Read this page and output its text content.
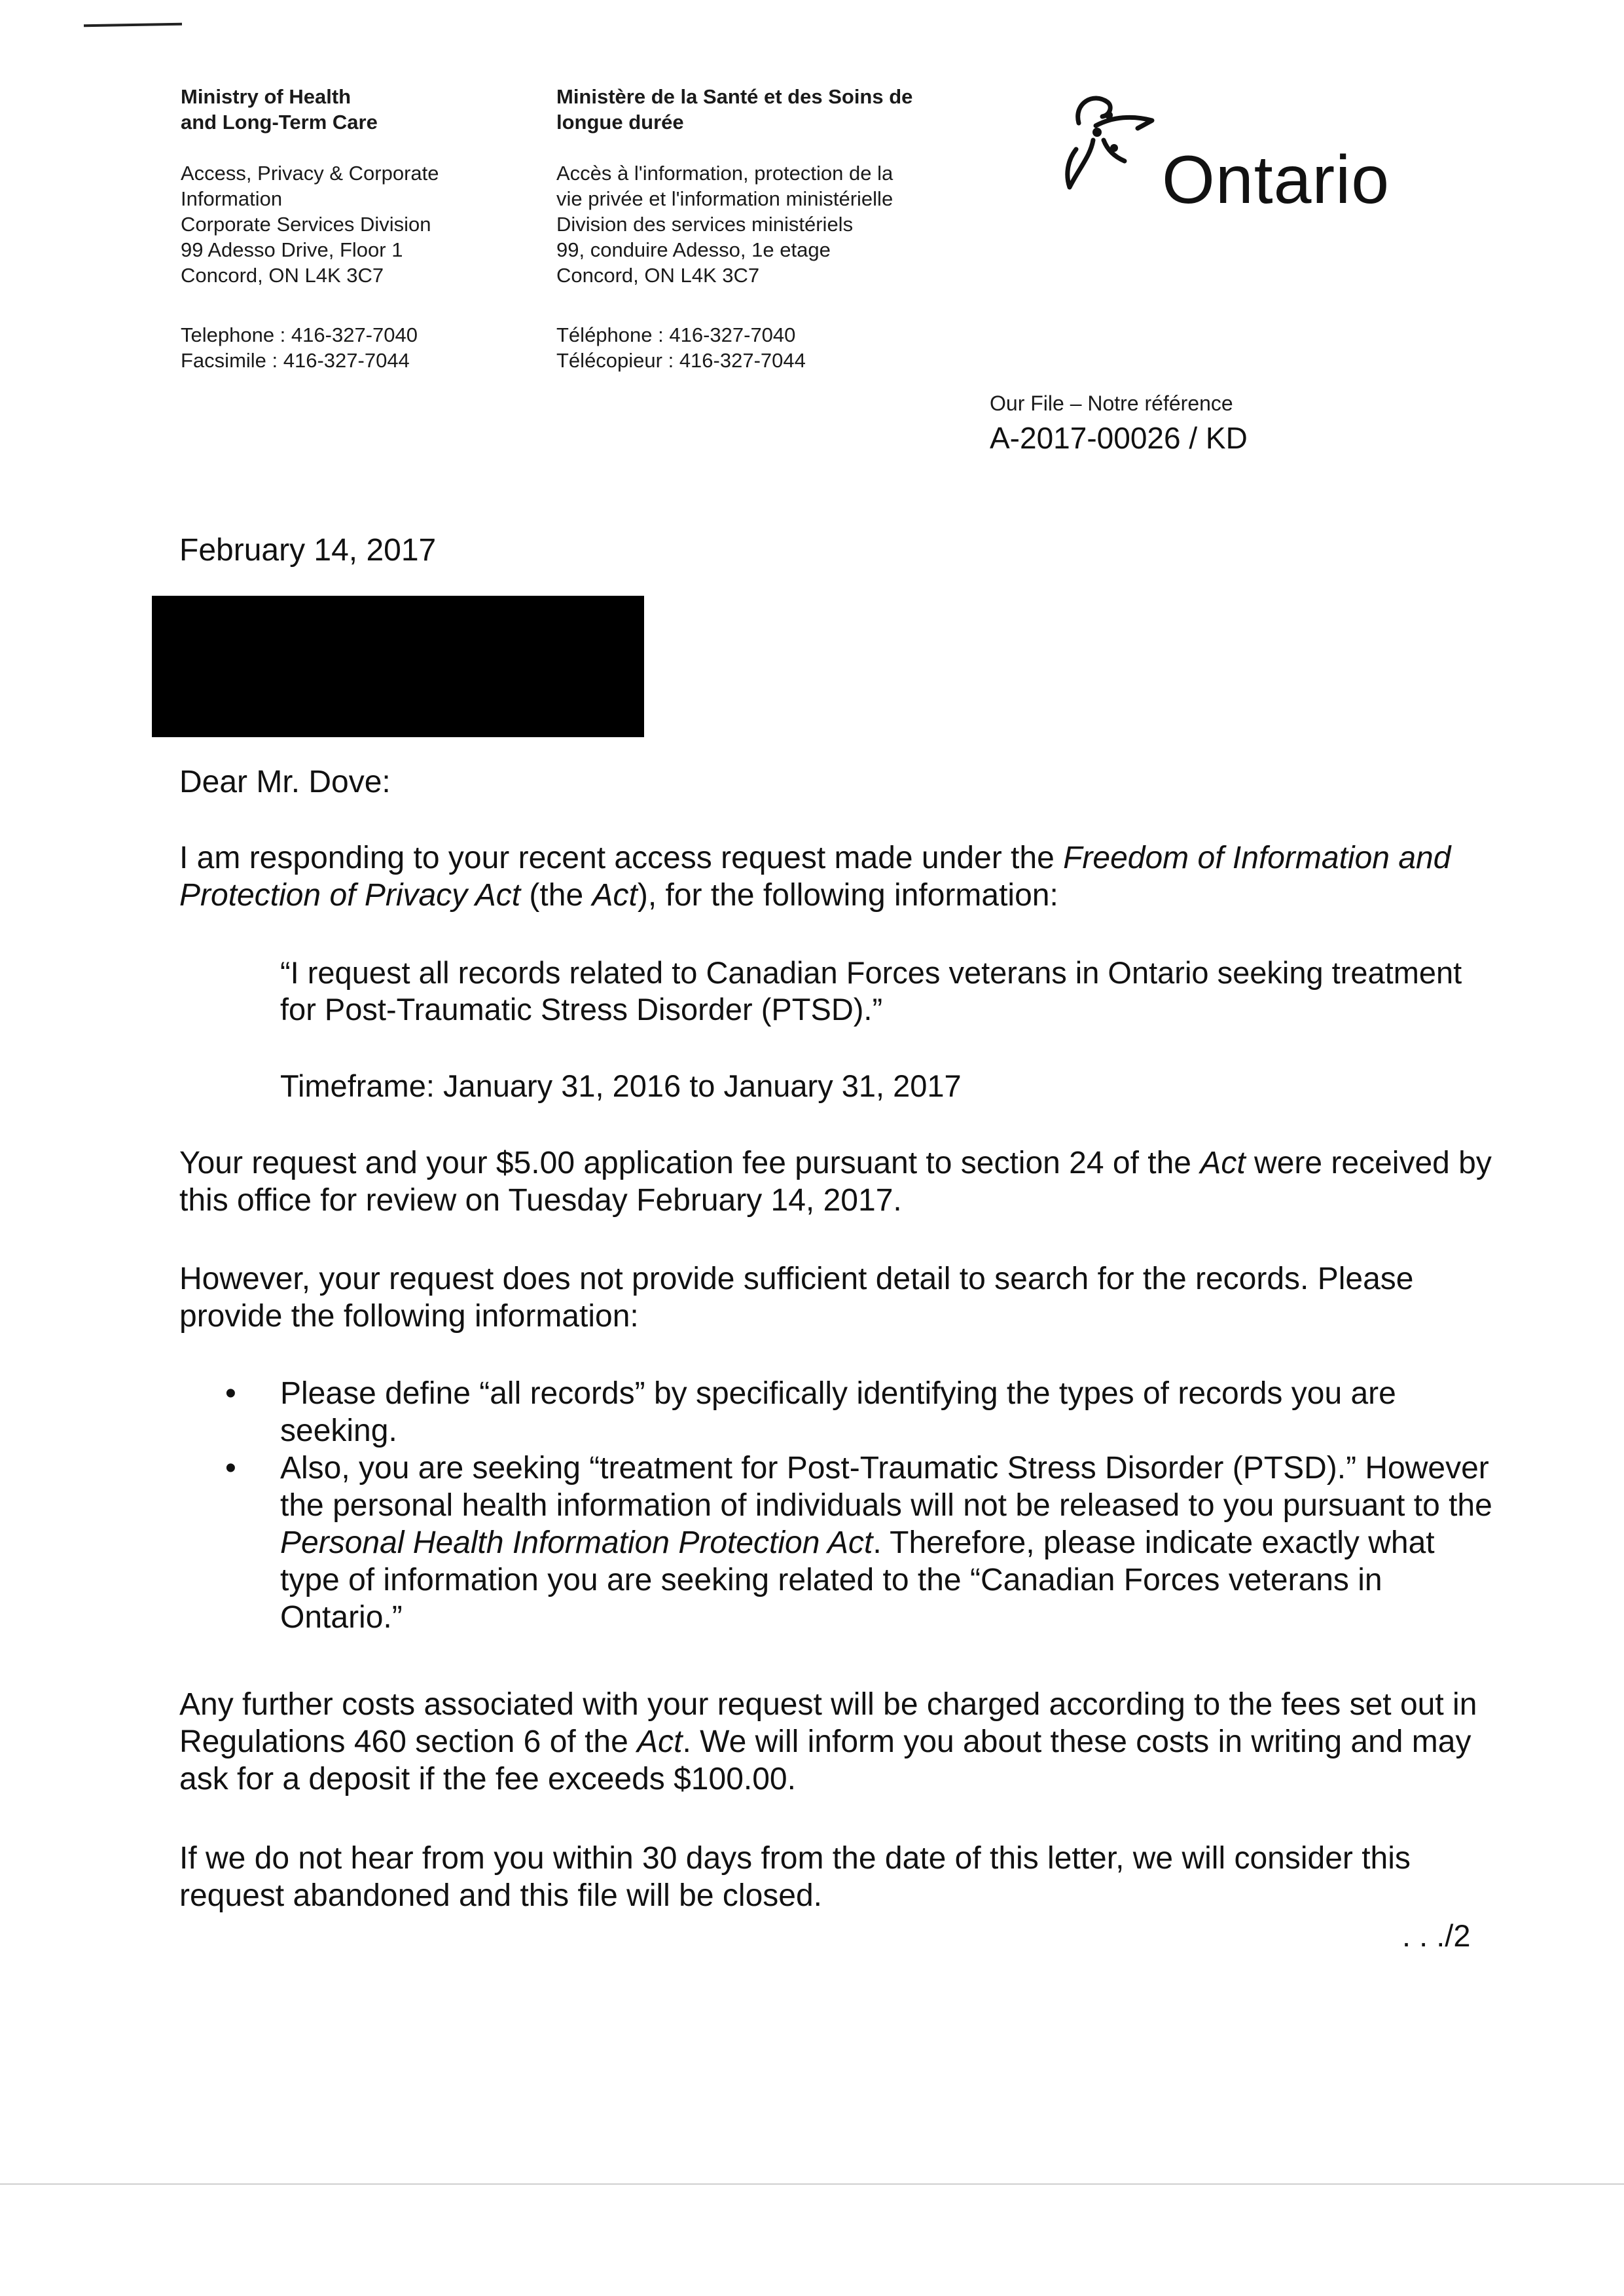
Ministry of Health
and Long-Term Care
Access, Privacy & Corporate
Information
Corporate Services Division
99 Adesso Drive, Floor 1
Concord, ON L4K 3C7
Telephone : 416-327-7040
Facsimile : 416-327-7044
Ministère de la Santé et des Soins de
longue durée
Accès à l'information, protection de la
vie privée et l'information ministérielle
Division des services ministériels
99, conduire Adesso, 1e etage
Concord, ON L4K 3C7
Téléphone : 416-327-7040
Télécopieur : 416-327-7044
Ontario
Our File – Notre référence
A-2017-00026 / KD
February 14, 2017
Dear Mr. Dove:
I am responding to your recent access request made under the Freedom of Information and Protection of Privacy Act (the Act), for the following information:
“I request all records related to Canadian Forces veterans in Ontario seeking treatment for Post-Traumatic Stress Disorder (PTSD).”
Timeframe: January 31, 2016 to January 31, 2017
Your request and your $5.00 application fee pursuant to section 24 of the Act were received by this office for review on Tuesday February 14, 2017.
However, your request does not provide sufficient detail to search for the records. Please provide the following information:
• Please define “all records” by specifically identifying the types of records you are seeking.
• Also, you are seeking “treatment for Post-Traumatic Stress Disorder (PTSD).” However the personal health information of individuals will not be released to you pursuant to the Personal Health Information Protection Act. Therefore, please indicate exactly what type of information you are seeking related to the “Canadian Forces veterans in Ontario.”
Any further costs associated with your request will be charged according to the fees set out in Regulations 460 section 6 of the Act. We will inform you about these costs in writing and may ask for a deposit if the fee exceeds $100.00.
If we do not hear from you within 30 days from the date of this letter, we will consider this request abandoned and this file will be closed.
. . ./2
